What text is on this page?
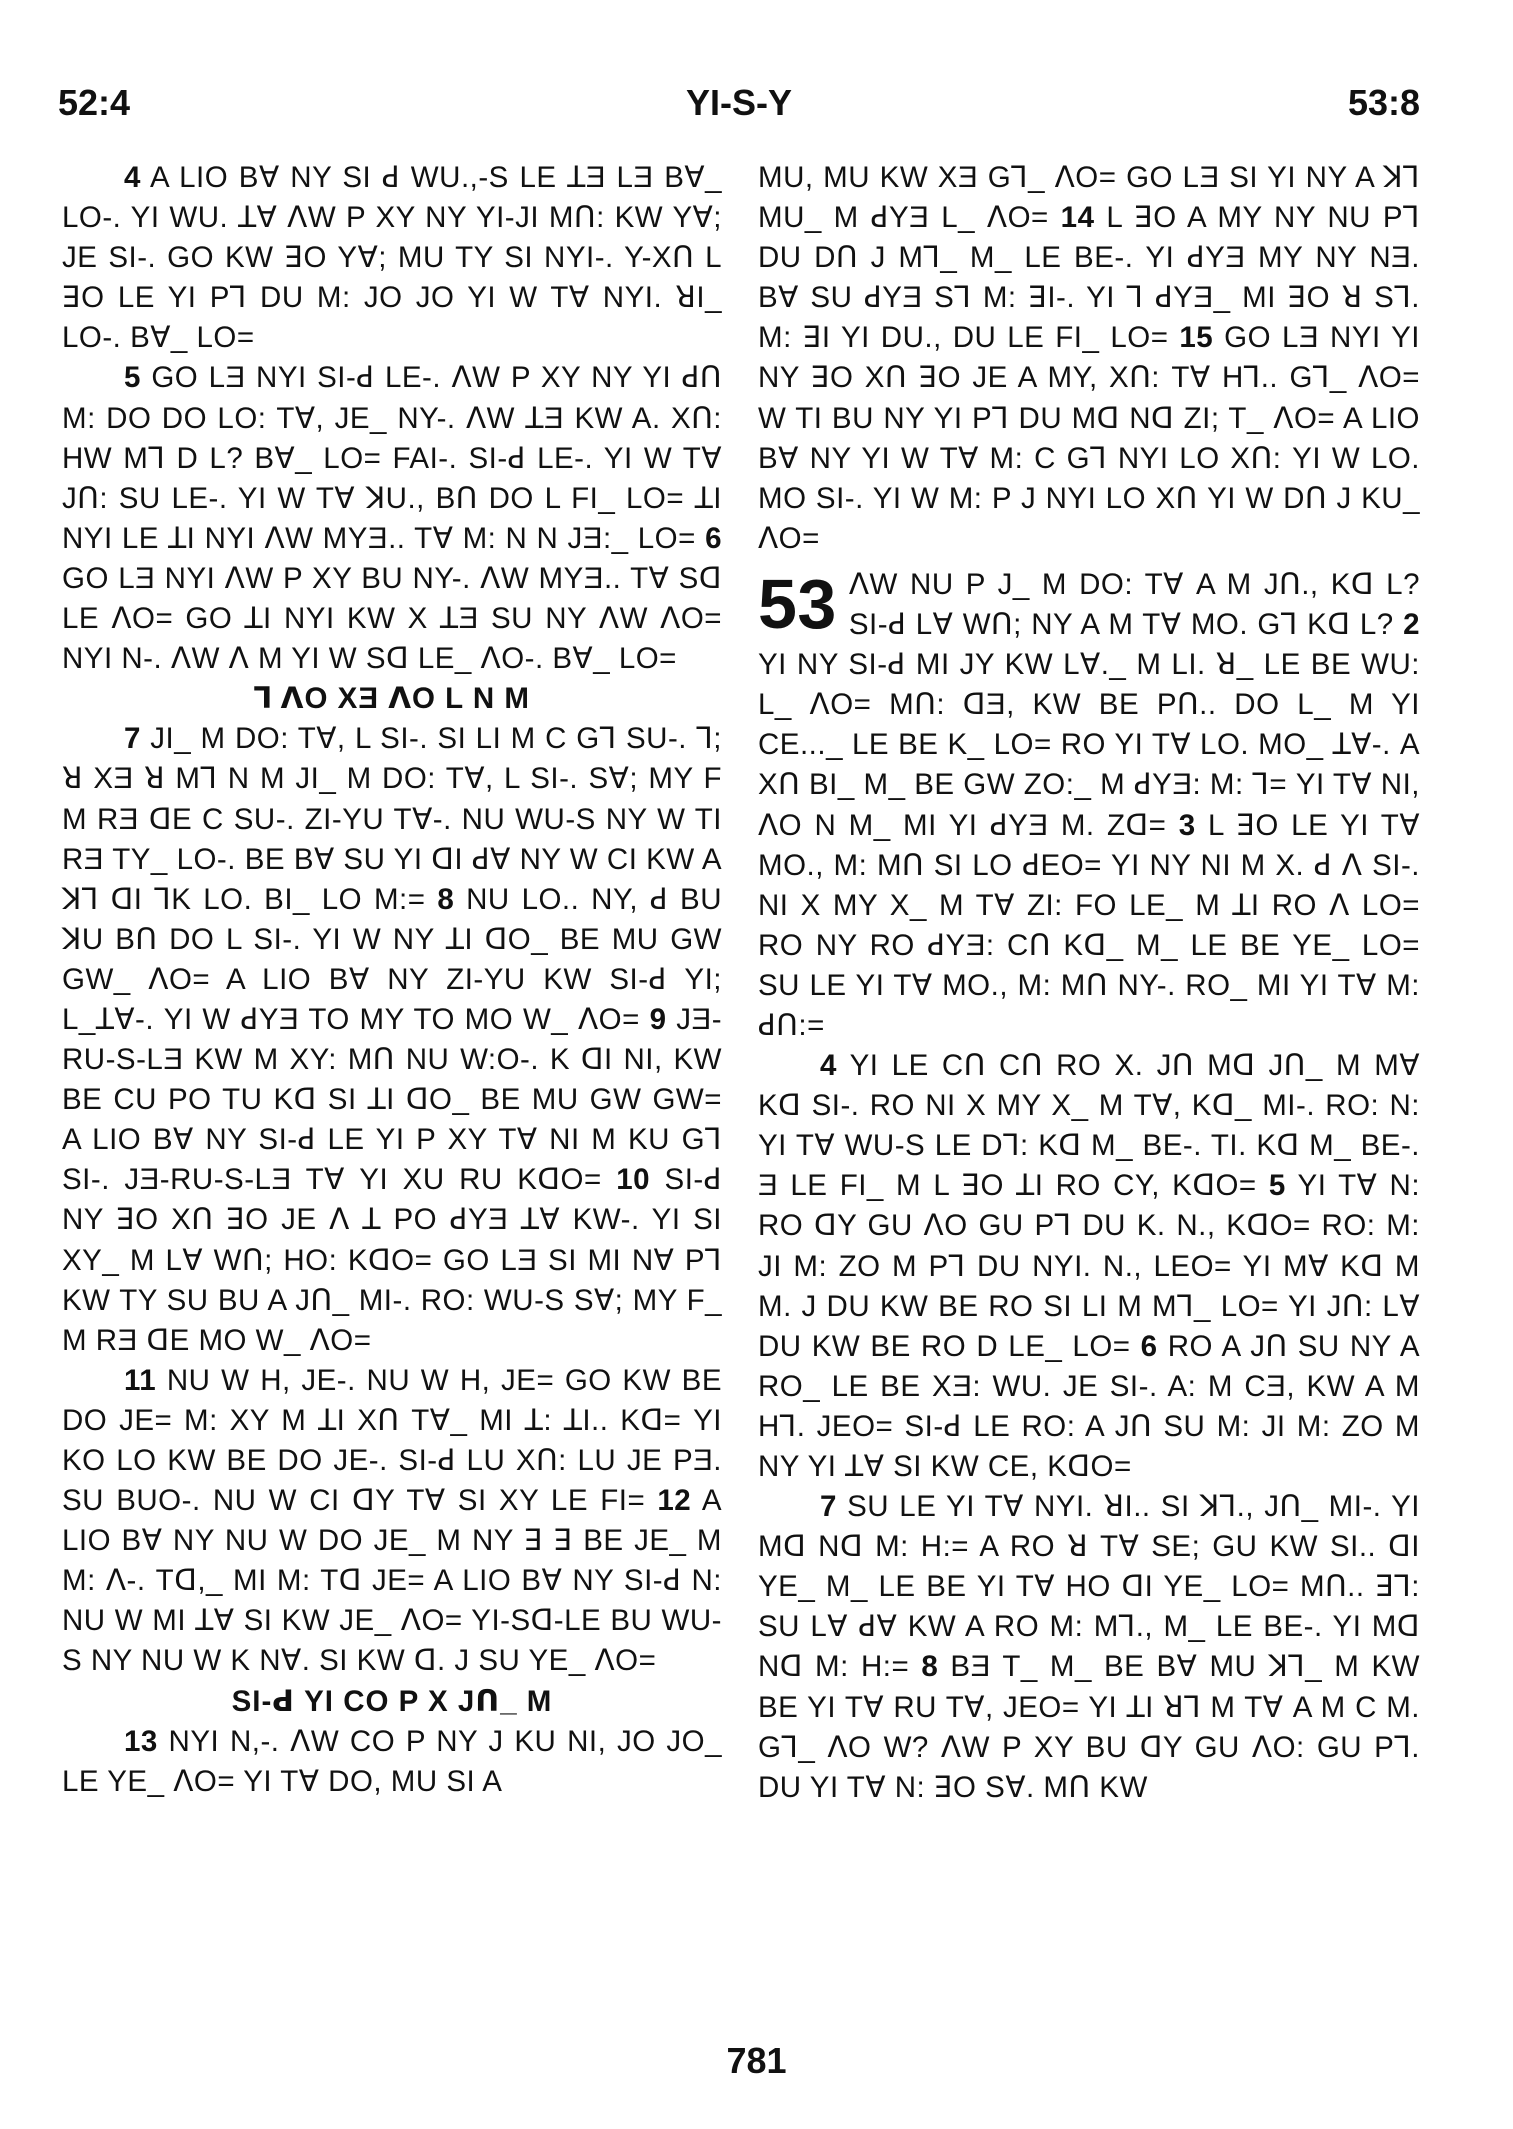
52:4	YI-S-Y	53:8

4 A LIO Bꓯ NY SI ꓒ WU.,-S LE ꓕƎ LƎ Bꓯ_ LO-. YI WU. ꓕꓯ ꓥW P XY NY YI-JI Mꓵ: KW Yꓯ; JE SI-. GO KW ꓱO Yꓯ; MU TY SI NYI-. Y-Xꓵ L ꓱO LE YI Pꓶ DU M: JO JO YI W Tꓯ NYI. ꓤI_ LO-. Bꓯ_ LO=

5 GO LƎ NYI SI-ꓒ LE-. ꓥW P XY NY YI ꓒꓵ M: DO DO LO: Tꓯ, JE_ NY-. ꓥW ꓕƎ KW A. Xꓵ: HW Mꓶ D L? Bꓯ_ LO= FAI-. SI-ꓒ LE-. YI W Tꓯ Jꓵ: SU LE-. YI W Tꓯ ꓘU., Bꓵ DO L FI_ LO= ꓕI NYI LE ꓕI NYI ꓥW MYƎ.. Tꓯ M: N N JƎ:_ LO= 6 GO LƎ NYI ꓥW P XY BU NY-. ꓥW MYƎ.. Tꓯ Sꓷ LE ꓥO= GO ꓕI NYI KW X ꓕƎ SU NY ꓥW ꓥO= NYI N-. ꓥW ꓥ M YI W Sꓷ LE_ ꓥO-. Bꓯ_ LO=

ꓶ ꓥO XƎ ꓥO L N M

7 JI_ M DO: Tꓯ, L SI-. SI LI M C Gꓶ SU-. ꓶ; ꓤ XƎ ꓤ Mꓶ N M JI_ M DO: Tꓯ, L SI-. Sꓯ; MY F M RƎ ꓷE C SU-. ZI-YU Tꓯ-. NU WU-S NY W TI RƎ TY_ LO-. BE Bꓯ SU YI ꓷI ꓒꓯ NY W CI KW A ꓘꓶ ꓷI ꓶK LO. BI_ LO M:= 8 NU LO.. NY, ꓒ BU ꓘU Bꓵ DO L SI-. YI W NY ꓕI ꓷO_ BE MU GW GW_ ꓥO= A LIO Bꓯ NY ZI-YU KW SI-ꓒ YI; L_ꓕꓯ-. YI W ꓒYƎ TO MY TO MO W_ ꓥO= 9 JƎ-RU-S-LƎ KW M XY: Mꓵ NU W:O-. K ꓷI NI, KW BE CU PO TU Kꓷ SI ꓕI ꓷO_ BE MU GW GW= A LIO Bꓯ NY SI-ꓒ LE YI P XY Tꓯ NI M KU Gꓶ SI-. JƎ-RU-S-LƎ Tꓯ YI XU RU KꓷO= 10 SI-ꓒ NY ꓱO Xꓵ ꓱO JE ꓥ ꓕ PO ꓒYƎ ꓕꓯ KW-. YI SI XY_ M Lꓯ Wꓵ; HO: KꓷO= GO LƎ SI MI Nꓯ Pꓶ KW TY SU BU A Jꓵ_ MI-. RO: WU-S Sꓯ; MY F_ M RƎ ꓷE MO W_ ꓥO=

11 NU W H, JE-. NU W H, JE= GO KW BE DO JE= M: XY M ꓕI Xꓵ Tꓯ_ MI ꓕ: ꓕI.. Kꓷ= YI KO LO KW BE DO JE-. SI-ꓒ LU Xꓵ: LU JE PƎ. SU BUO-. NU W CI ꓷY Tꓯ SI XY LE FI= 12 A LIO Bꓯ NY NU W DO JE_ M NY ꓱ ꓱ BE JE_ M M: ꓥ-. Tꓷ,_ MI M: Tꓷ JE= A LIO Bꓯ NY SI-ꓒ N: NU W MI ꓕꓯ SI KW JE_ ꓥO= YI-Sꓷ-LE BU WU-S NY NU W K Nꓯ. SI KW ꓷ. J SU YE_ ꓥO=

SI-ꓒ YI CO P X Jꓵ_ M

13 NYI N,-. ꓥW CO P NY J KU NI, JO JO_ LE YE_ ꓥO= YI Tꓯ DO, MU SI A

MU, MU KW XƎ Gꓶ_ ꓥO= GO LƎ SI YI NY A ꓘꓶ MU_ M ꓒYƎ L_ ꓥO= 14 L ꓱO A MY NY NU Pꓶ DU Dꓵ J Mꓶ_ M_ LE BE-. YI ꓒYƎ MY NY NƎ. Bꓯ SU ꓒYƎ Sꓶ M: ꓱI-. YI ꓶ ꓒYƎ_ MI ꓱO ꓤ Sꓶ. M: ꓱI YI DU., DU LE FI_ LO= 15 GO LƎ NYI YI NY ꓱO Xꓵ ꓱO JE A MY, Xꓵ: Tꓯ Hꓶ.. Gꓶ_ ꓥO= W TI BU NY YI Pꓶ DU Mꓷ Nꓷ ZI; T_ ꓥO= A LIO Bꓯ NY YI W Tꓯ M: C Gꓶ NYI LO Xꓵ: YI W LO. MO SI-. YI W M: P J NYI LO Xꓵ YI W Dꓵ J KU_ ꓥO=

53 ꓥW NU P J_ M DO: Tꓯ A M Jꓵ., Kꓷ L? SI-ꓒ Lꓯ Wꓵ; NY A M Tꓯ MO. Gꓶ Kꓷ L? 2 YI NY SI-ꓒ MI JY KW Lꓯ._ M LI. ꓤ_ LE BE WU: L_ ꓥO= Mꓵ: ꓷƎ, KW BE Pꓵ.. DO L_ M YI CE..._ LE BE K_ LO= RO YI Tꓯ LO. MO_ ꓕꓯ-. A Xꓵ BI_ M_ BE GW ZO:_ M ꓒYƎ: M: ꓶ= YI Tꓯ NI, ꓥO N M_ MI YI ꓒYƎ M. Zꓷ= 3 L ꓱO LE YI Tꓯ MO., M: Mꓵ SI LO ꓒEO= YI NY NI M X. ꓒ ꓥ SI-. NI X MY X_ M Tꓯ ZI: FO LE_ M ꓕI RO ꓥ LO= RO NY RO ꓒYƎ: Cꓵ Kꓷ_ M_ LE BE YE_ LO= SU LE YI Tꓯ MO., M: Mꓵ NY-. RO_ MI YI Tꓯ M: ꓒꓵ:=

4 YI LE Cꓵ Cꓵ RO X. Jꓵ Mꓷ Jꓵ_ M Mꓯ Kꓷ SI-. RO NI X MY X_ M Tꓯ, Kꓷ_ MI-. RO: N: YI Tꓯ WU-S LE Dꓶ: Kꓷ M_ BE-. TI. Kꓷ M_ BE-. Ǝ LE FI_ M L ꓱO ꓕI RO CY, KꓷO= 5 YI Tꓯ N: RO ꓷY GU ꓥO GU Pꓶ DU K. N., KꓷO= RO: M: JI M: ZO M Pꓶ DU NYI. N., LEO= YI Mꓯ Kꓷ M M. J DU KW BE RO SI LI M Mꓶ_ LO= YI Jꓵ: Lꓯ DU KW BE RO D LE_ LO= 6 RO A Jꓵ SU NY A RO_ LE BE XƎ: WU. JE SI-. A: M CƎ, KW A M Hꓶ. JEO= SI-ꓒ LE RO: A Jꓵ SU M: JI M: ZO M NY YI ꓕꓯ SI KW CE, KꓷO=

7 SU LE YI Tꓯ NYI. ꓤI.. SI ꓘꓶ., Jꓵ_ MI-. YI Mꓷ Nꓷ M: H:= A RO ꓤ Tꓯ SE; GU KW SI.. ꓷI YE_ M_ LE BE YI Tꓯ HO ꓷI YE_ LO= Mꓵ.. ꓱꓶ: SU Lꓯ ꓒꓯ KW A RO M: Mꓶ., M_ LE BE-. YI Mꓷ Nꓷ M: H:= 8 BƎ T_ M_ BE Bꓯ MU ꓘꓶ_ M KW BE YI Tꓯ RU Tꓯ, JEO= YI ꓕI ꓤꓶ M Tꓯ A M C M. Gꓶ_ ꓥO W? ꓥW P XY BU ꓷY GU ꓥO: GU Pꓶ. DU YI Tꓯ N: ꓱO Sꓯ. Mꓵ KW

781
